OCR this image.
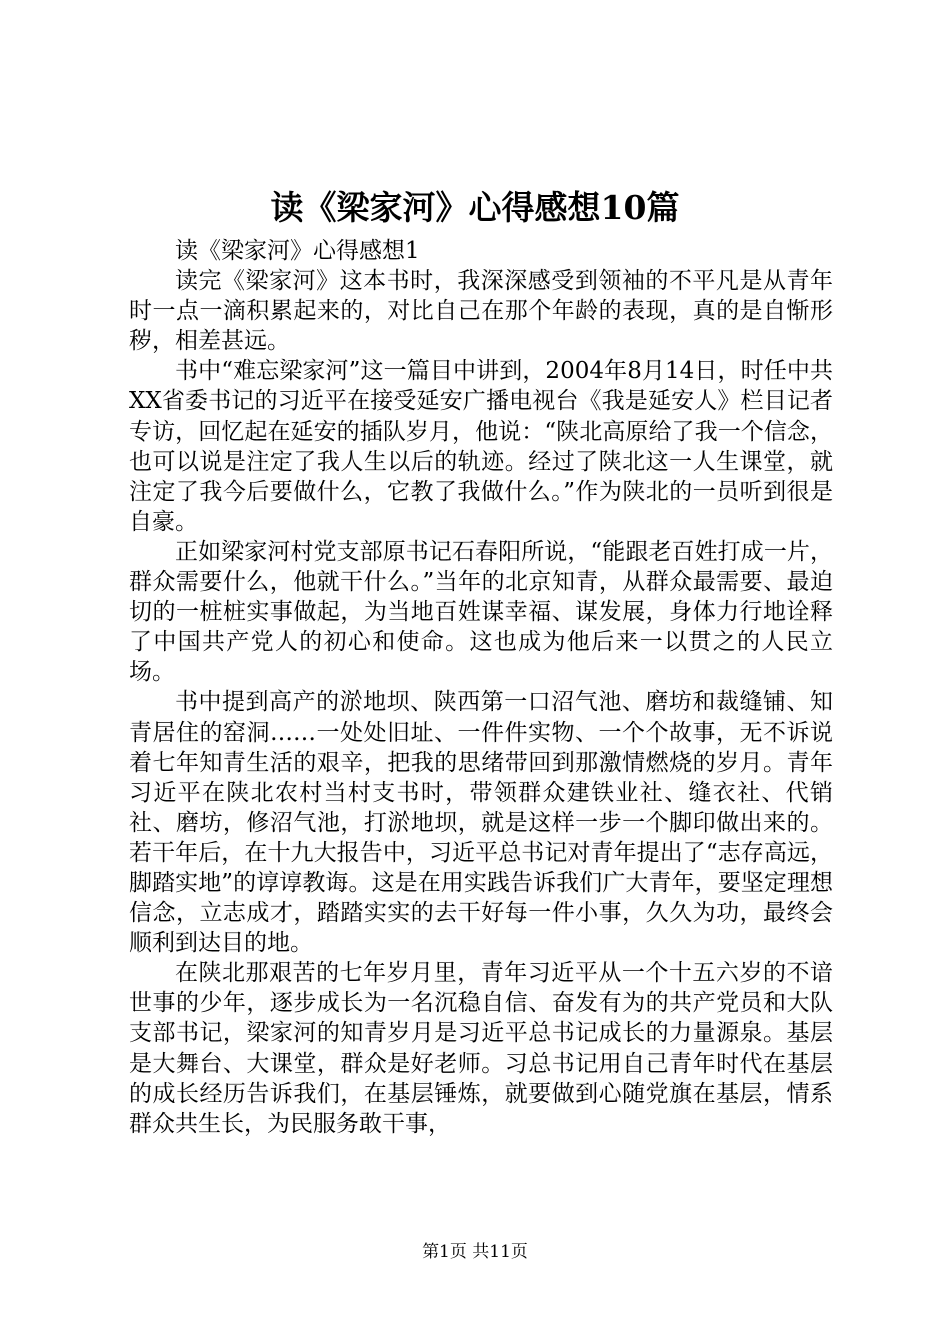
读《梁家河》心得感想10篇

读《梁家河》心得感想1

读完《梁家河》这本书时，我深深感受到领袖的不平凡是从青年时一点一滴积累起来的，对比自己在那个年龄的表现，真的是自惭形秽，相差甚远。

书中“难忘梁家河”这一篇目中讲到，2004年8月14日，时任中共XX省委书记的习近平在接受延安广播电视台《我是延安人》栏目记者专访，回忆起在延安的插队岁月，他说：“陕北高原给了我一个信念，也可以说是注定了我人生以后的轨迹。经过了陕北这一人生课堂，就注定了我今后要做什么，它教了我做什么。”作为陕北的一员听到很是自豪。

正如梁家河村党支部原书记石春阳所说，“能跟老百姓打成一片，群众需要什么，他就干什么。”当年的北京知青，从群众最需要、最迫切的一桩桩实事做起，为当地百姓谋幸福、谋发展，身体力行地诠释了中国共产党人的初心和使命。这也成为他后来一以贯之的人民立场。

书中提到高产的淤地坝、陕西第一口沼气池、磨坊和裁缝铺、知青居住的窑洞……一处处旧址、一件件实物、一个个故事，无不诉说着七年知青生活的艰辛，把我的思绪带回到那激情燃烧的岁月。青年习近平在陕北农村当村支书时，带领群众建铁业社、缝衣社、代销社、磨坊，修沼气池，打淤地坝，就是这样一步一个脚印做出来的。若干年后，在十九大报告中，习近平总书记对青年提出了“志存高远，脚踏实地”的谆谆教诲。这是在用实践告诉我们广大青年，要坚定理想信念，立志成才，踏踏实实的去干好每一件小事，久久为功，最终会顺利到达目的地。

在陕北那艰苦的七年岁月里，青年习近平从一个十五六岁的不谙世事的少年，逐步成长为一名沉稳自信、奋发有为的共产党员和大队支部书记，梁家河的知青岁月是习近平总书记成长的力量源泉。基层是大舞台、大课堂，群众是好老师。习总书记用自己青年时代在基层的成长经历告诉我们，在基层锤炼，就要做到心随党旗在基层，情系群众共生长，为民服务敢干事，

第1页 共11页
